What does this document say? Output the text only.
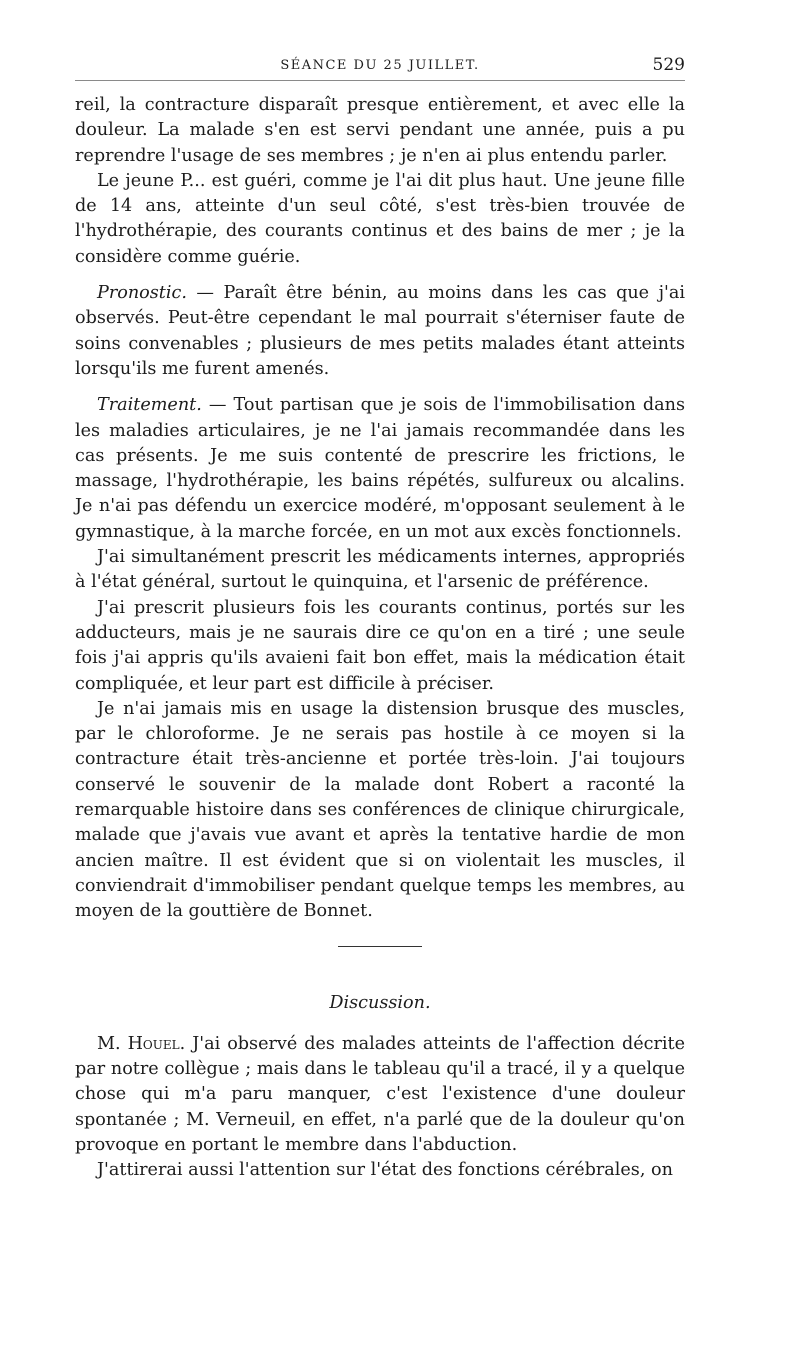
SÉANCE DU 25 JUILLET.	529

reil, la contracture disparaît presque entièrement, et avec elle la douleur. La malade s'en est servi pendant une année, puis a pu reprendre l'usage de ses membres ; je n'en ai plus entendu parler.

Le jeune P... est guéri, comme je l'ai dit plus haut. Une jeune fille de 14 ans, atteinte d'un seul côté, s'est très-bien trouvée de l'hydrothérapie, des courants continus et des bains de mer ; je la considère comme guérie.

Pronostic. — Paraît être bénin, au moins dans les cas que j'ai observés. Peut-être cependant le mal pourrait s'éterniser faute de soins convenables ; plusieurs de mes petits malades étant atteints lorsqu'ils me furent amenés.

Traitement. — Tout partisan que je sois de l'immobilisation dans les maladies articulaires, je ne l'ai jamais recommandée dans les cas présents. Je me suis contenté de prescrire les frictions, le massage, l'hydrothérapie, les bains répétés, sulfureux ou alcalins. Je n'ai pas défendu un exercice modéré, m'opposant seulement à le gymnastique, à la marche forcée, en un mot aux excès fonctionnels.

J'ai simultanément prescrit les médicaments internes, appropriés à l'état général, surtout le quinquina, et l'arsenic de préférence.

J'ai prescrit plusieurs fois les courants continus, portés sur les adducteurs, mais je ne saurais dire ce qu'on en a tiré ; une seule fois j'ai appris qu'ils avaieni fait bon effet, mais la médication était compliquée, et leur part est difficile à préciser.

Je n'ai jamais mis en usage la distension brusque des muscles, par le chloroforme. Je ne serais pas hostile à ce moyen si la contracture était très-ancienne et portée très-loin. J'ai toujours conservé le souvenir de la malade dont Robert a raconté la remarquable histoire dans ses conférences de clinique chirurgicale, malade que j'avais vue avant et après la tentative hardie de mon ancien maître. Il est évident que si on violentait les muscles, il conviendrait d'immobiliser pendant quelque temps les membres, au moyen de la gouttière de Bonnet.

Discussion.

M. Houel. J'ai observé des malades atteints de l'affection décrite par notre collègue ; mais dans le tableau qu'il a tracé, il y a quelque chose qui m'a paru manquer, c'est l'existence d'une douleur spontanée ; M. Verneuil, en effet, n'a parlé que de la douleur qu'on provoque en portant le membre dans l'abduction.

J'attirerai aussi l'attention sur l'état des fonctions cérébrales, on
